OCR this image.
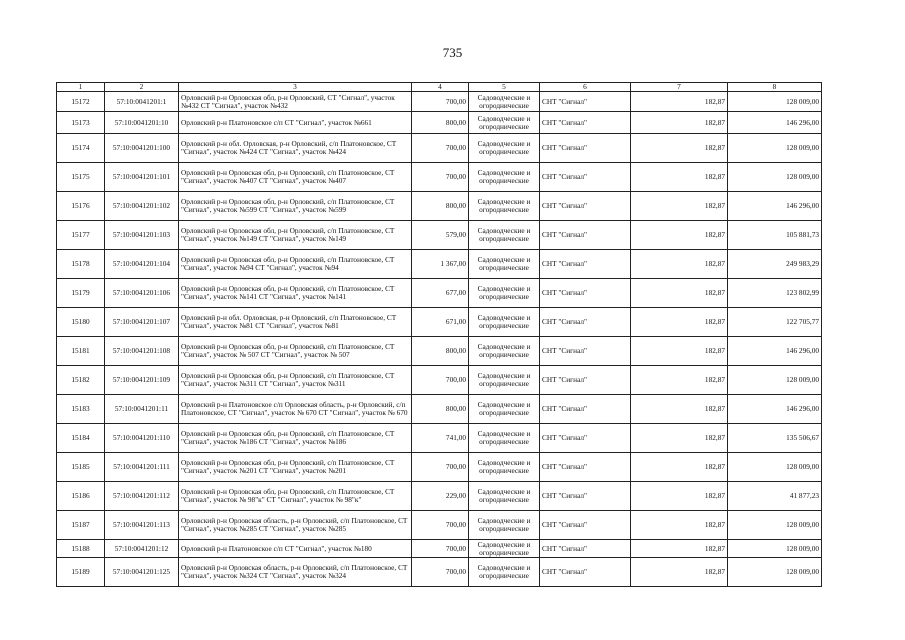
735
1	2	3	4	5	6	7	8
15172	57:10:0041201:1	Орловский р-н Орловская обл, р-н Орловский, СТ "Сигнал", участок №432 СТ "Сигнал", участок №432	700,00	Садоводческие и огороднические	СНТ "Сигнал"	182,87	128 009,00
15173	57:10:0041201:10	Орловский р-н Платоновское с/п СТ "Сигнал", участок №661	800,00	Садоводческие и огороднические	СНТ "Сигнал"	182,87	146 296,00
15174	57:10:0041201:100	Орловский р-н обл. Орловская, р-н Орловский, с/п Платоновское, СТ "Сигнал", участок №424 СТ "Сигнал", участок №424	700,00	Садоводческие и огороднические	СНТ "Сигнал"	182,87	128 009,00
15175	57:10:0041201:101	Орловский р-н Орловская обл, р-н Орловский, с/п Платоновское, СТ "Сигнал", участок №407 СТ "Сигнал", участок №407	700,00	Садоводческие и огороднические	СНТ "Сигнал"	182,87	128 009,00
15176	57:10:0041201:102	Орловский р-н Орловская обл, р-н Орловский, с/п Платоновское, СТ "Сигнал", участок №599 СТ "Сигнал", участок №599	800,00	Садоводческие и огороднические	СНТ "Сигнал"	182,87	146 296,00
15177	57:10:0041201:103	Орловский р-н Орловская обл, р-н Орловский, с/п Платоновское, СТ "Сигнал", участок №149 СТ "Сигнал", участок №149	579,00	Садоводческие и огороднические	СНТ "Сигнал"	182,87	105 881,73
15178	57:10:0041201:104	Орловский р-н Орловская обл, р-н Орловский, с/п Платоновское, СТ "Сигнал", участок №94 СТ "Сигнал", участок №94	1 367,00	Садоводческие и огороднические	СНТ "Сигнал"	182,87	249 983,29
15179	57:10:0041201:106	Орловский р-н Орловская обл, р-н Орловский, с/п Платоновское, СТ "Сигнал", участок №141 СТ "Сигнал", участок №141	677,00	Садоводческие и огороднические	СНТ "Сигнал"	182,87	123 802,99
15180	57:10:0041201:107	Орловский р-н обл. Орловская, р-н Орловский, с/п Платоновское, СТ "Сигнал", участок №81 СТ "Сигнал", участок №81	671,00	Садоводческие и огороднические	СНТ "Сигнал"	182,87	122 705,77
15181	57:10:0041201:108	Орловский р-н Орловская обл, р-н Орловский, с/п Платоновское, СТ "Сигнал", участок № 507 СТ "Сигнал", участок № 507	800,00	Садоводческие и огороднические	СНТ "Сигнал"	182,87	146 296,00
15182	57:10:0041201:109	Орловский р-н Орловская обл, р-н Орловский, с/п Платоновское, СТ "Сигнал", участок №311 СТ "Сигнал", участок №311	700,00	Садоводческие и огороднические	СНТ "Сигнал"	182,87	128 009,00
15183	57:10:0041201:11	Орловский р-н Платоновское с/п Орловская область, р-н Орловский, с/п Платоновское, СТ "Сигнал", участок № 670 СТ "Сигнал", участок № 670	800,00	Садоводческие и огороднические	СНТ "Сигнал"	182,87	146 296,00
15184	57:10:0041201:110	Орловский р-н Орловская обл, р-н Орловский, с/п Платоновское, СТ "Сигнал", участок №186 СТ "Сигнал", участок №186	741,00	Садоводческие и огороднические	СНТ "Сигнал"	182,87	135 506,67
15185	57:10:0041201:111	Орловский р-н Орловская обл, р-н Орловский, с/п Платоновское, СТ "Сигнал", участок №201 СТ "Сигнал", участок №201	700,00	Садоводческие и огороднические	СНТ "Сигнал"	182,87	128 009,00
15186	57:10:0041201:112	Орловский р-н Орловская обл, р-н Орловский, с/п Платоновское, СТ "Сигнал", участок № 98"к" СТ "Сигнал", участок № 98"к"	229,00	Садоводческие и огороднические	СНТ "Сигнал"	182,87	41 877,23
15187	57:10:0041201:113	Орловский р-н Орловская область, р-н Орловский, с/п Платоновское, СТ "Сигнал", участок №285 СТ "Сигнал", участок №285	700,00	Садоводческие и огороднические	СНТ "Сигнал"	182,87	128 009,00
15188	57:10:0041201:12	Орловский р-н Платоновское с/п СТ "Сигнал", участок №180	700,00	Садоводческие и огороднические	СНТ "Сигнал"	182,87	128 009,00
15189	57:10:0041201:125	Орловский р-н Орловская область, р-н Орловский, с/п Платоновское, СТ "Сигнал", участок №324 СТ "Сигнал", участок №324	700,00	Садоводческие и огороднические	СНТ "Сигнал"	182,87	128 009,00
